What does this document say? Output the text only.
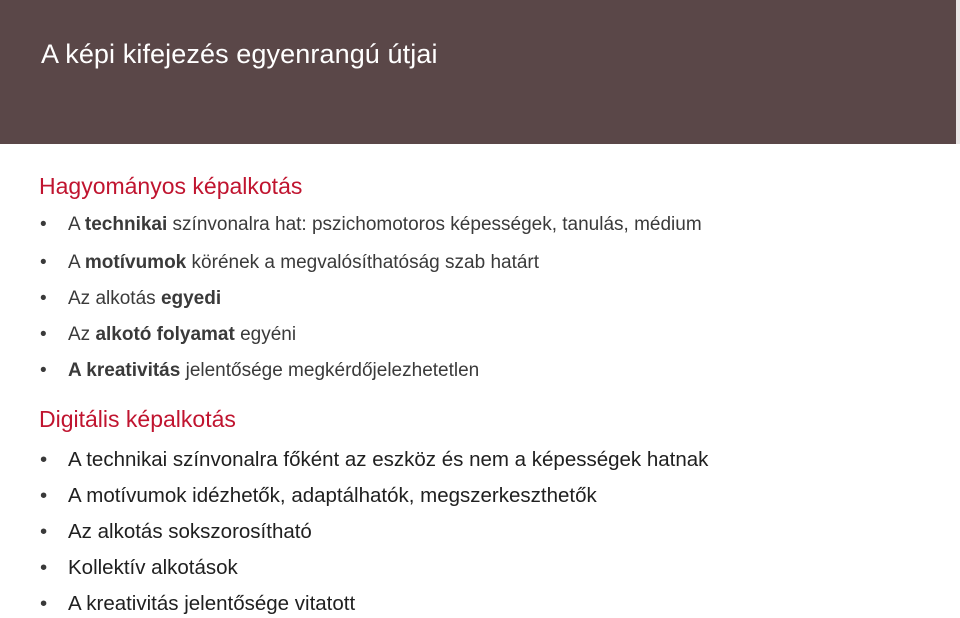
A képi kifejezés egyenrangú útjai
Hagyományos képalkotás
• A technikai színvonalra hat: pszichomotoros képességek, tanulás, médium
• A motívumok körének a megvalósíthatóság szab határt
• Az alkotás egyedi
• Az alkotó folyamat egyéni
• A kreativitás jelentősége megkérdőjelezhetetlen
Digitális képalkotás
• A technikai színvonalra főként az eszköz és nem a képességek hatnak
• A motívumok idézhetők, adaptálhatók, megszerkeszthetők
• Az alkotás sokszorosítható
• Kollektív alkotások
• A kreativitás jelentősége vitatott
